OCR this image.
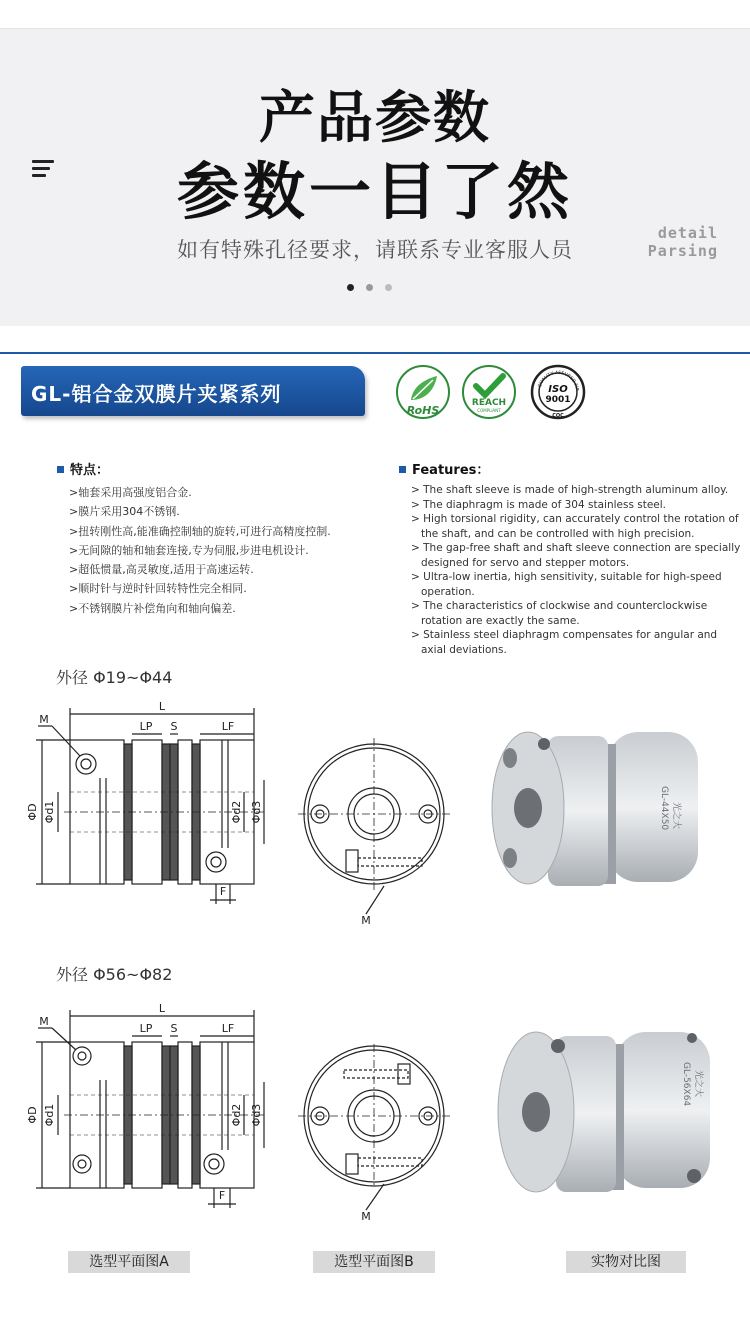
产品参数
参数一目了然
如有特殊孔径要求，请联系专业客服人员
detail
Parsing
GL-铝合金双膜片夹紧系列
RoHS
REACH
COMPLIANT
QUALITY ASSURED FIR
ISO
9001
CQC
特点：
>轴套采用高强度铝合金.
>膜片采用304不锈钢.
>扭转刚性高,能准确控制轴的旋转,可进行高精度控制.
>无间隙的轴和轴套连接,专为伺服,步进电机设计.
>超低惯量,高灵敏度,适用于高速运转.
>顺时针与逆时针回转特性完全相同.
>不锈钢膜片补偿角向和轴向偏差.
Features：
> The shaft sleeve is made of high-strength aluminum alloy.
> The diaphragm is made of 304 stainless steel.
> High torsional rigidity, can accurately control the rotation of the shaft, and can be controlled with high precision.
> The gap-free shaft and shaft sleeve connection are specially designed for servo and stepper motors.
> Ultra-low inertia, high sensitivity, suitable for high-speed operation.
> The characteristics of clockwise and counterclockwise rotation are exactly the same.
> Stainless steel diaphragm compensates for angular and axial deviations.
外径 Φ19~Φ44
外径 Φ56~Φ82
L
LP S	LF
M
ΦD Φd1	Φd2 Φd3
F
M
光之大
GL-44X50
L
LP S	LF
M
ΦD Φd1	Φd2 Φd3
F
M
光之大
GL-56X64
选型平面图A	选型平面图B	实物对比图
